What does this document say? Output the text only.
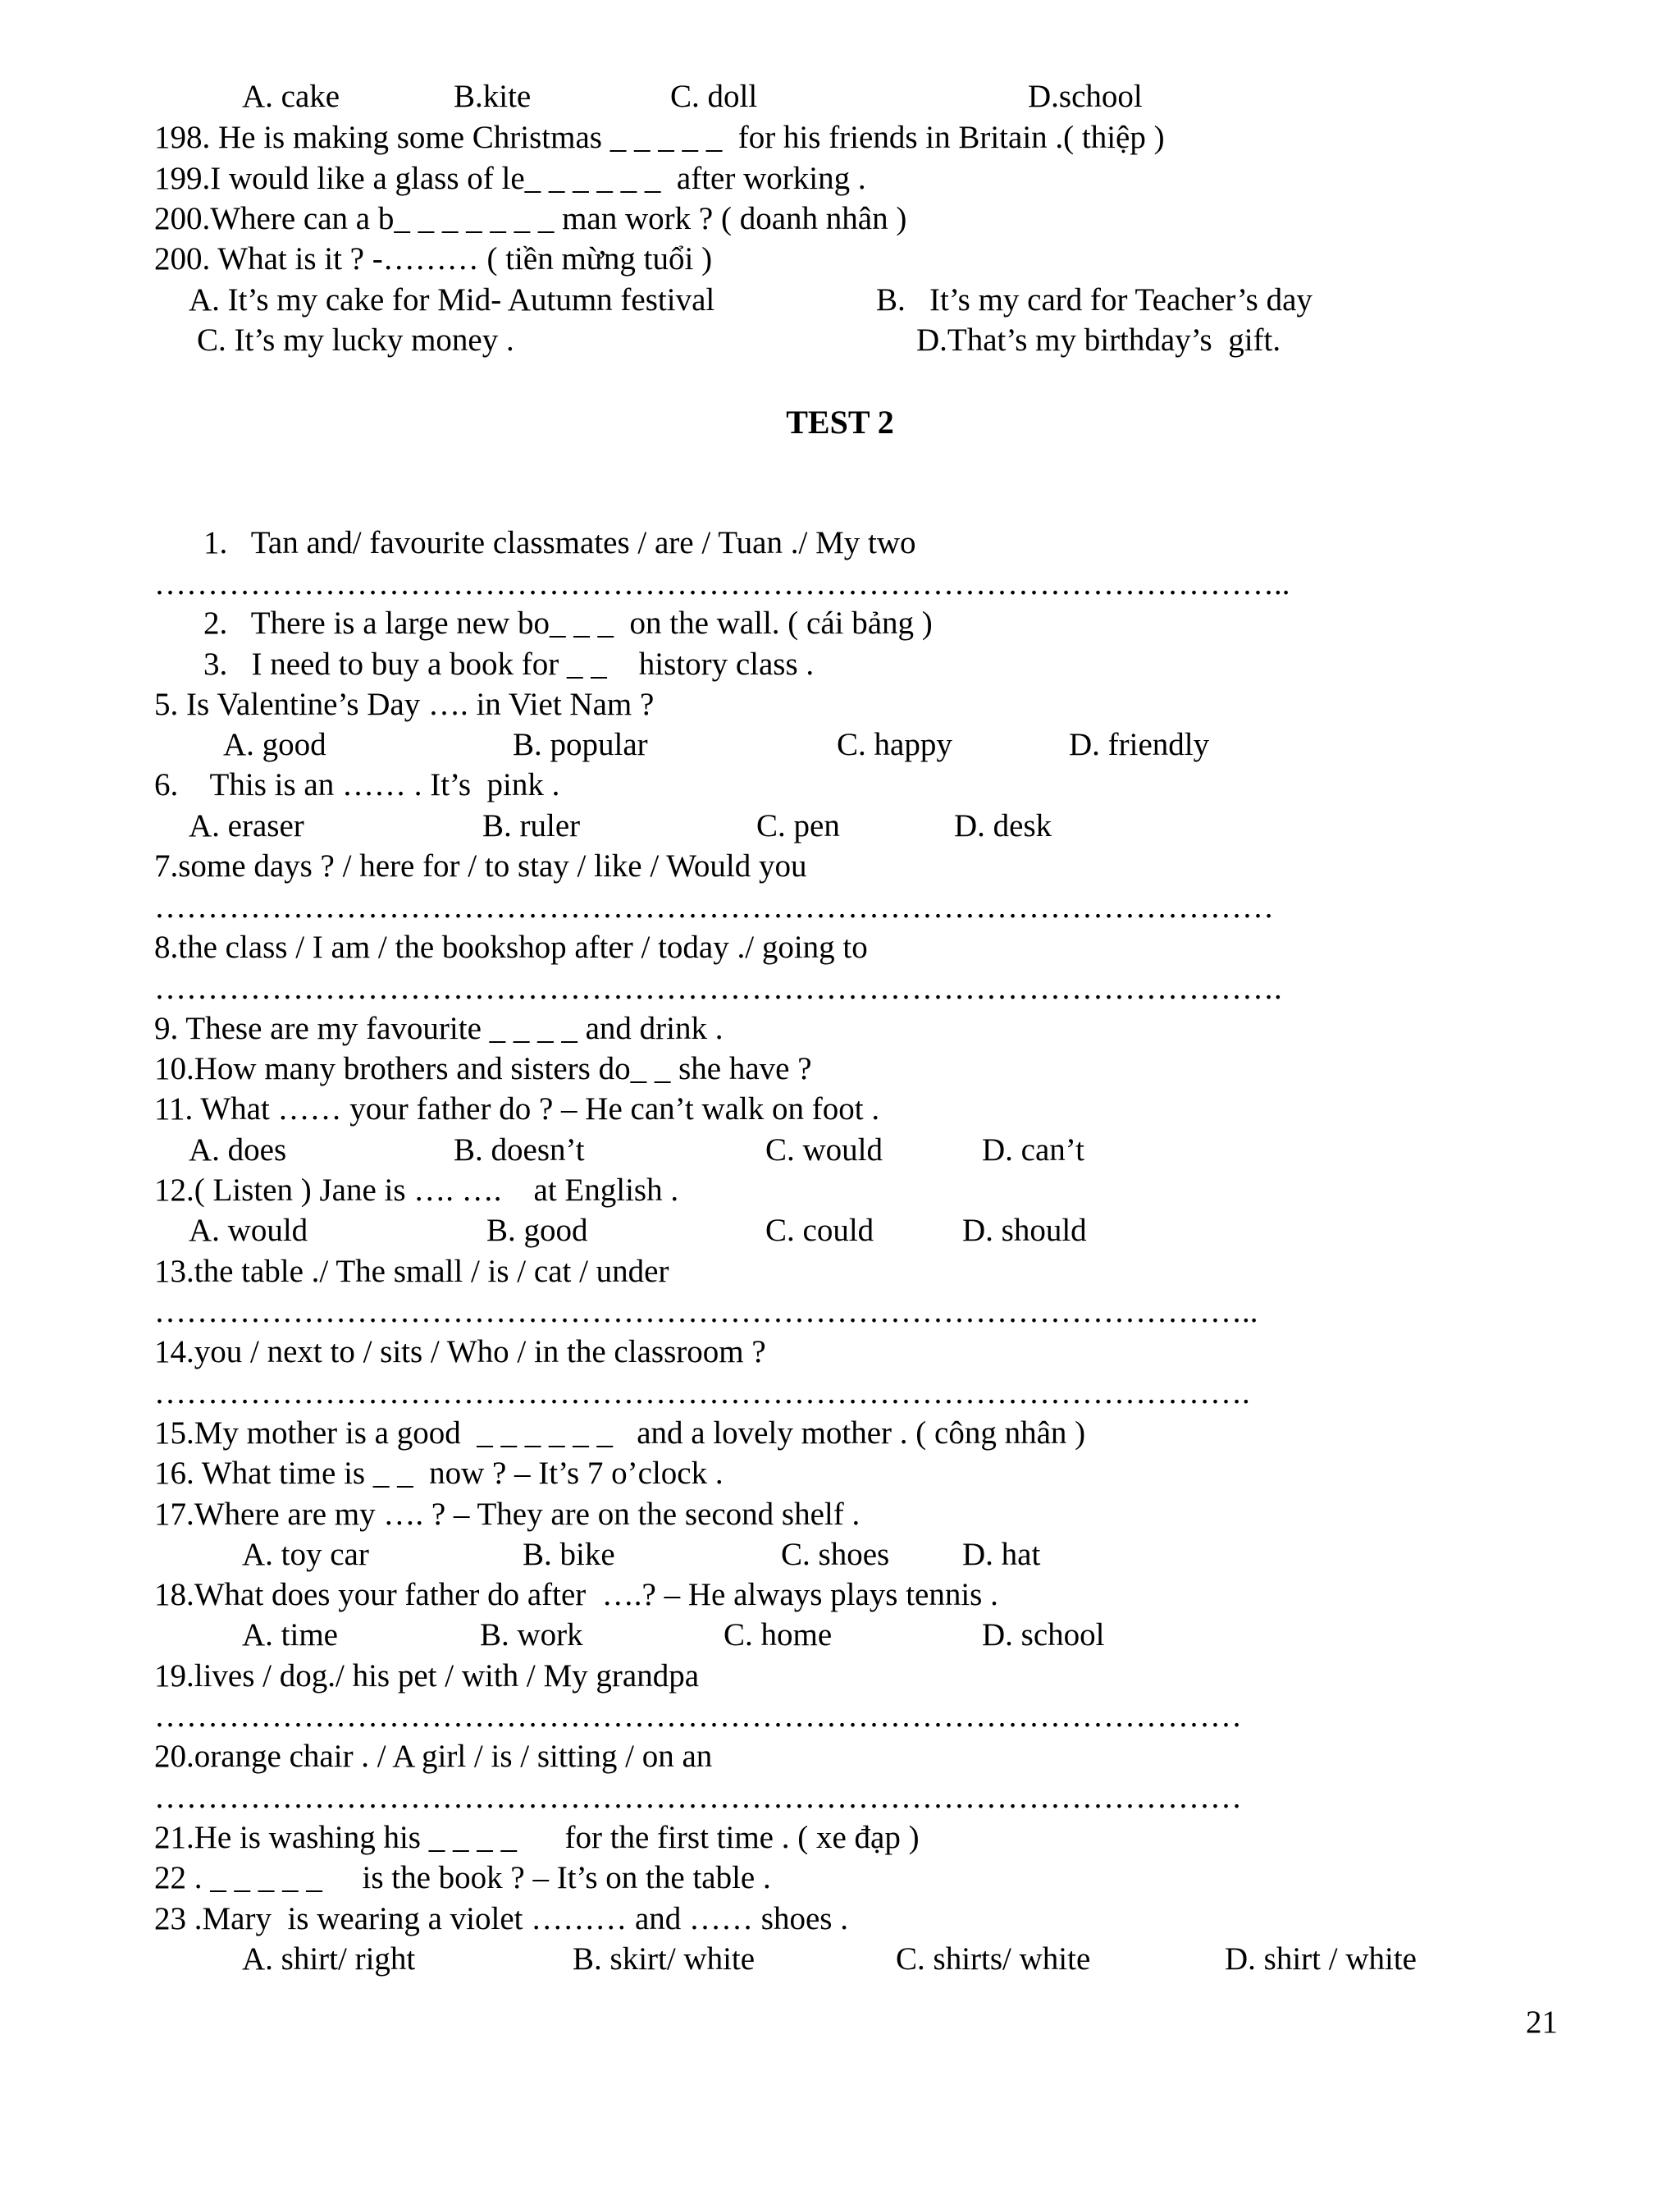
A. cake

	B.kite

	C. doll

	D.school

198. He is making some Christmas _ _ _ _ _  for his friends in Britain .( thiệp )
199.I would like a glass of le_ _ _ _ _ _  after working .
200.Where can a b_ _ _ _ _ _ _ man work ? ( doanh nhân )
200. What is it ? -……… ( tiền mừng tuổi )

A. It’s my cake for Mid- Autumn festival

	B.   It’s my card for Teacher’s day

C. It’s my lucky money .

	D.That’s my birthday’s  gift.

TEST 2
1.   Tan and/ favourite classmates / are / Tuan ./ My two
……………………………………………………………………………………………..
2.   There is a large new bo_ _ _  on the wall. ( cái bảng )
3.   I need to buy a book for _ _    history class .
5. Is Valentine’s Day …. in Viet Nam ?

A. good

	B. popular

	C. happy

	D. friendly

6.    This is an …… . It’s  pink .

A. eraser

	B. ruler

	C. pen

	D. desk

7.some days ? / here for / to stay / like / Would you
……………………………………………………………………………………………
8.the class / I am / the bookshop after / today ./ going to
…………………………………………………………………………………………….
9. These are my favourite _ _ _ _ and drink .
10.How many brothers and sisters do_ _ she have ?
11. What …… your father do ? – He can’t walk on foot .

A. does

	B. doesn’t

	C. would

	D. can’t

12.( Listen ) Jane is …. ….    at English .

A. would

	B. good

	C. could

	D. should

13.the table ./ The small / is / cat / under
…………………………………………………………………………………………..
14.you / next to / sits / Who / in the classroom ?
………………………………………………………………………………………….
15.My mother is a good  _ _ _ _ _ _   and a lovely mother . ( công nhân )
16. What time is _ _  now ? – It’s 7 o’clock .
17.Where are my …. ? – They are on the second shelf .

A. toy car

	B. bike

	C. shoes

D. hat

18.What does your father do after  ….? – He always plays tennis .

A. time

	B. work

	C. home

	D. school

19.lives / dog./ his pet / with / My grandpa
…………………………………………………………………………………………
20.orange chair . / A girl / is / sitting / on an
…………………………………………………………………………………………
21.He is washing his _ _ _ _      for the first time . ( xe đạp )
22 . _ _ _ _ _     is the book ? – It’s on the table .
23 .Mary  is wearing a violet ……… and …… shoes .

A. shirt/ right

	B. skirt/ white

	C. shirts/ white

	D. shirt / white

21
